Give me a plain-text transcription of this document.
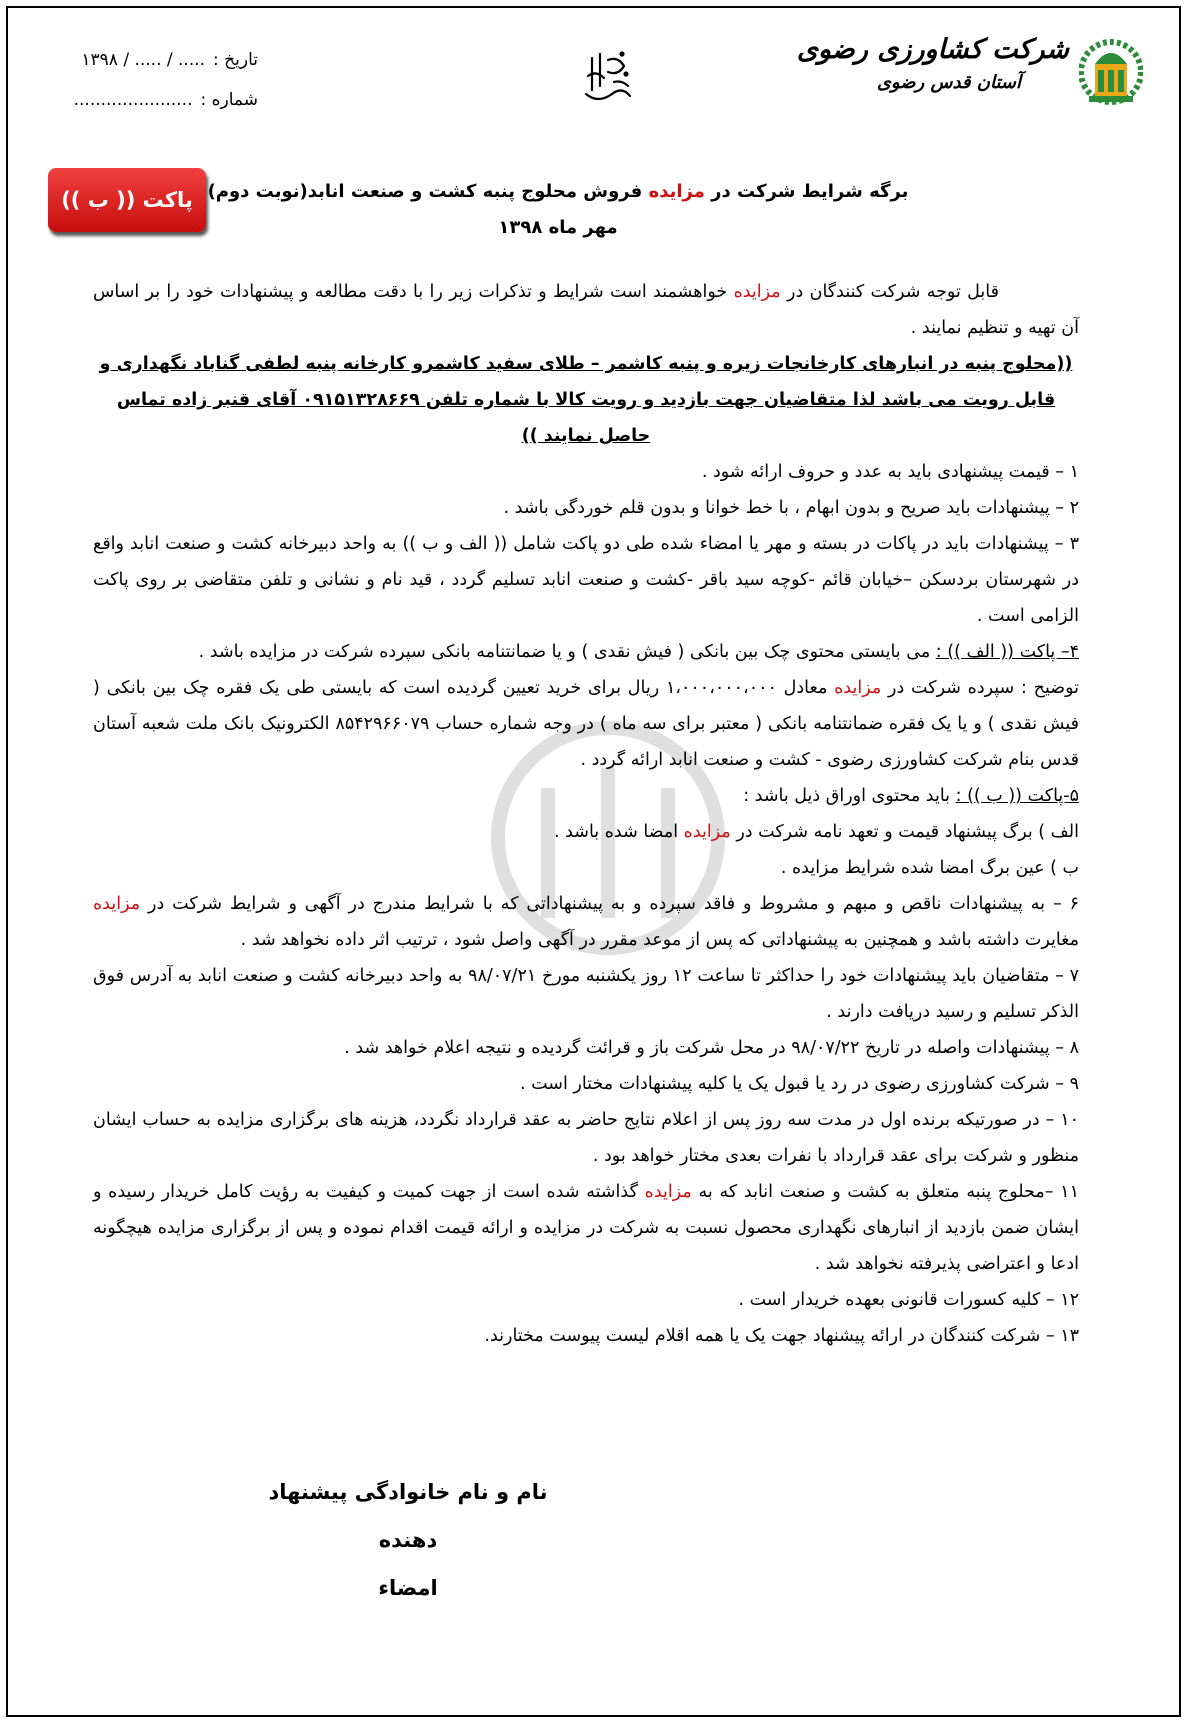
شرکت کشاورزی رضوی
آستان قدس رضوی
تاریخ :
..... / ..... / ۱۳۹۸
شماره :
......................
پاکت (( ب ))	برگه شرایط شرکت در مزایده فروش محلوج پنبه کشت و صنعت انابد(نوبت دوم)
مهر ماه ۱۳۹۸

قابل توجه شرکت کنندگان در مزایده خواهشمند است شرایط و تذکرات زیر را با دقت مطالعه و پیشنهادات خود را بر اساس آن تهیه و تنظیم نمایند .

((محلوج پنبه در انبارهای کارخانجات زیره و پنبه کاشمر – طلای سفید کاشمرو کارخانه پنبه لطفی گناباد نگهداری و قابل رویت می باشد لذا متقاضیان جهت بازدید و رویت کالا با شماره تلفن ۰۹۱۵۱۳۲۸۶۶۹ آقای قنبر زاده تماس حاصل نمایند ))

۱ – قیمت پیشنهادی باید به عدد و حروف ارائه شود .

۲ – پیشنهادات باید صریح و بدون ابهام ، با خط خوانا و بدون قلم خوردگی باشد .

۳ – پیشنهادات باید در پاکات در بسته و مهر یا امضاء شده طی دو پاکت شامل (( الف و ب )) به واحد دبیرخانه کشت و صنعت انابد واقع در شهرستان بردسکن –خیابان قائم -کوچه سید باقر -کشت و صنعت انابد تسلیم گردد ، قید نام و نشانی و تلفن متقاضی بر روی پاکت الزامی است .

۴– پاکت (( الف )) : می بایستی محتوی چک بین بانکی ( فیش نقدی ) و یا ضمانتنامه بانکی سپرده شرکت در مزایده باشد .

توضیح : سپرده شرکت در مزایده معادل ۱،۰۰۰،۰۰۰،۰۰۰ ریال برای خرید تعیین گردیده است که بایستی طی یک فقره چک بین بانکی ( فیش نقدی ) و یا یک فقره ضمانتنامه بانکی ( معتبر برای سه ماه ) در وجه شماره حساب ۸۵۴۲۹۶۶۰۷۹ الکترونیک بانک ملت شعبه آستان قدس بنام شرکت کشاورزی رضوی - کشت و صنعت انابد ارائه گردد .

۵-پاکت (( ب )) : باید محتوی اوراق ذیل باشد :

الف ) برگ پیشنهاد قیمت و تعهد نامه شرکت در مزایده امضا شده باشد .

ب ) عین برگ امضا شده شرایط مزایده .

۶ – به پیشنهادات ناقص و مبهم و مشروط و فاقد سپرده و به پیشنهاداتی که با شرایط مندرج در آگهی و شرایط شرکت در مزایده مغایرت داشته باشد و همچنین به پیشنهاداتی که پس از موعد مقرر در آگهی واصل شود ، ترتیب اثر داده نخواهد شد .

۷ – متقاضیان باید پیشنهادات خود را حداکثر تا ساعت ۱۲ روز یکشنبه مورخ ۹۸/۰۷/۲۱ به واحد دبیرخانه کشت و صنعت انابد به آدرس فوق الذکر تسلیم و رسید دریافت دارند .

۸ – پیشنهادات واصله در تاریخ ۹۸/۰۷/۲۲ در محل شرکت باز و قرائت گردیده و نتیجه اعلام خواهد شد .

۹ – شرکت کشاورزی رضوی در رد یا قبول یک یا کلیه پیشنهادات مختار است .

۱۰ – در صورتیکه برنده اول در مدت سه روز پس از اعلام نتایج حاضر به عقد قرارداد نگردد، هزینه های برگزاری مزایده به حساب ایشان منظور و شرکت برای عقد قرارداد با نفرات بعدی مختار خواهد بود .

۱۱ –محلوج پنبه متعلق به کشت و صنعت انابد که به مزایده گذاشته شده است از جهت کمیت و کیفیت به رؤیت کامل خریدار رسیده و ایشان ضمن بازدید از انبارهای نگهداری محصول نسبت به شرکت در مزایده و ارائه قیمت اقدام نموده و پس از برگزاری مزایده هیچگونه ادعا و اعتراضی پذیرفته نخواهد شد .

۱۲ – کلیه کسورات قانونی بعهده خریدار است .

۱۳ – شرکت کنندگان در ارائه پیشنهاد جهت یک یا همه اقلام لیست پیوست مختارند.

نام و نام خانوادگی پیشنهاد دهنده
امضاء
